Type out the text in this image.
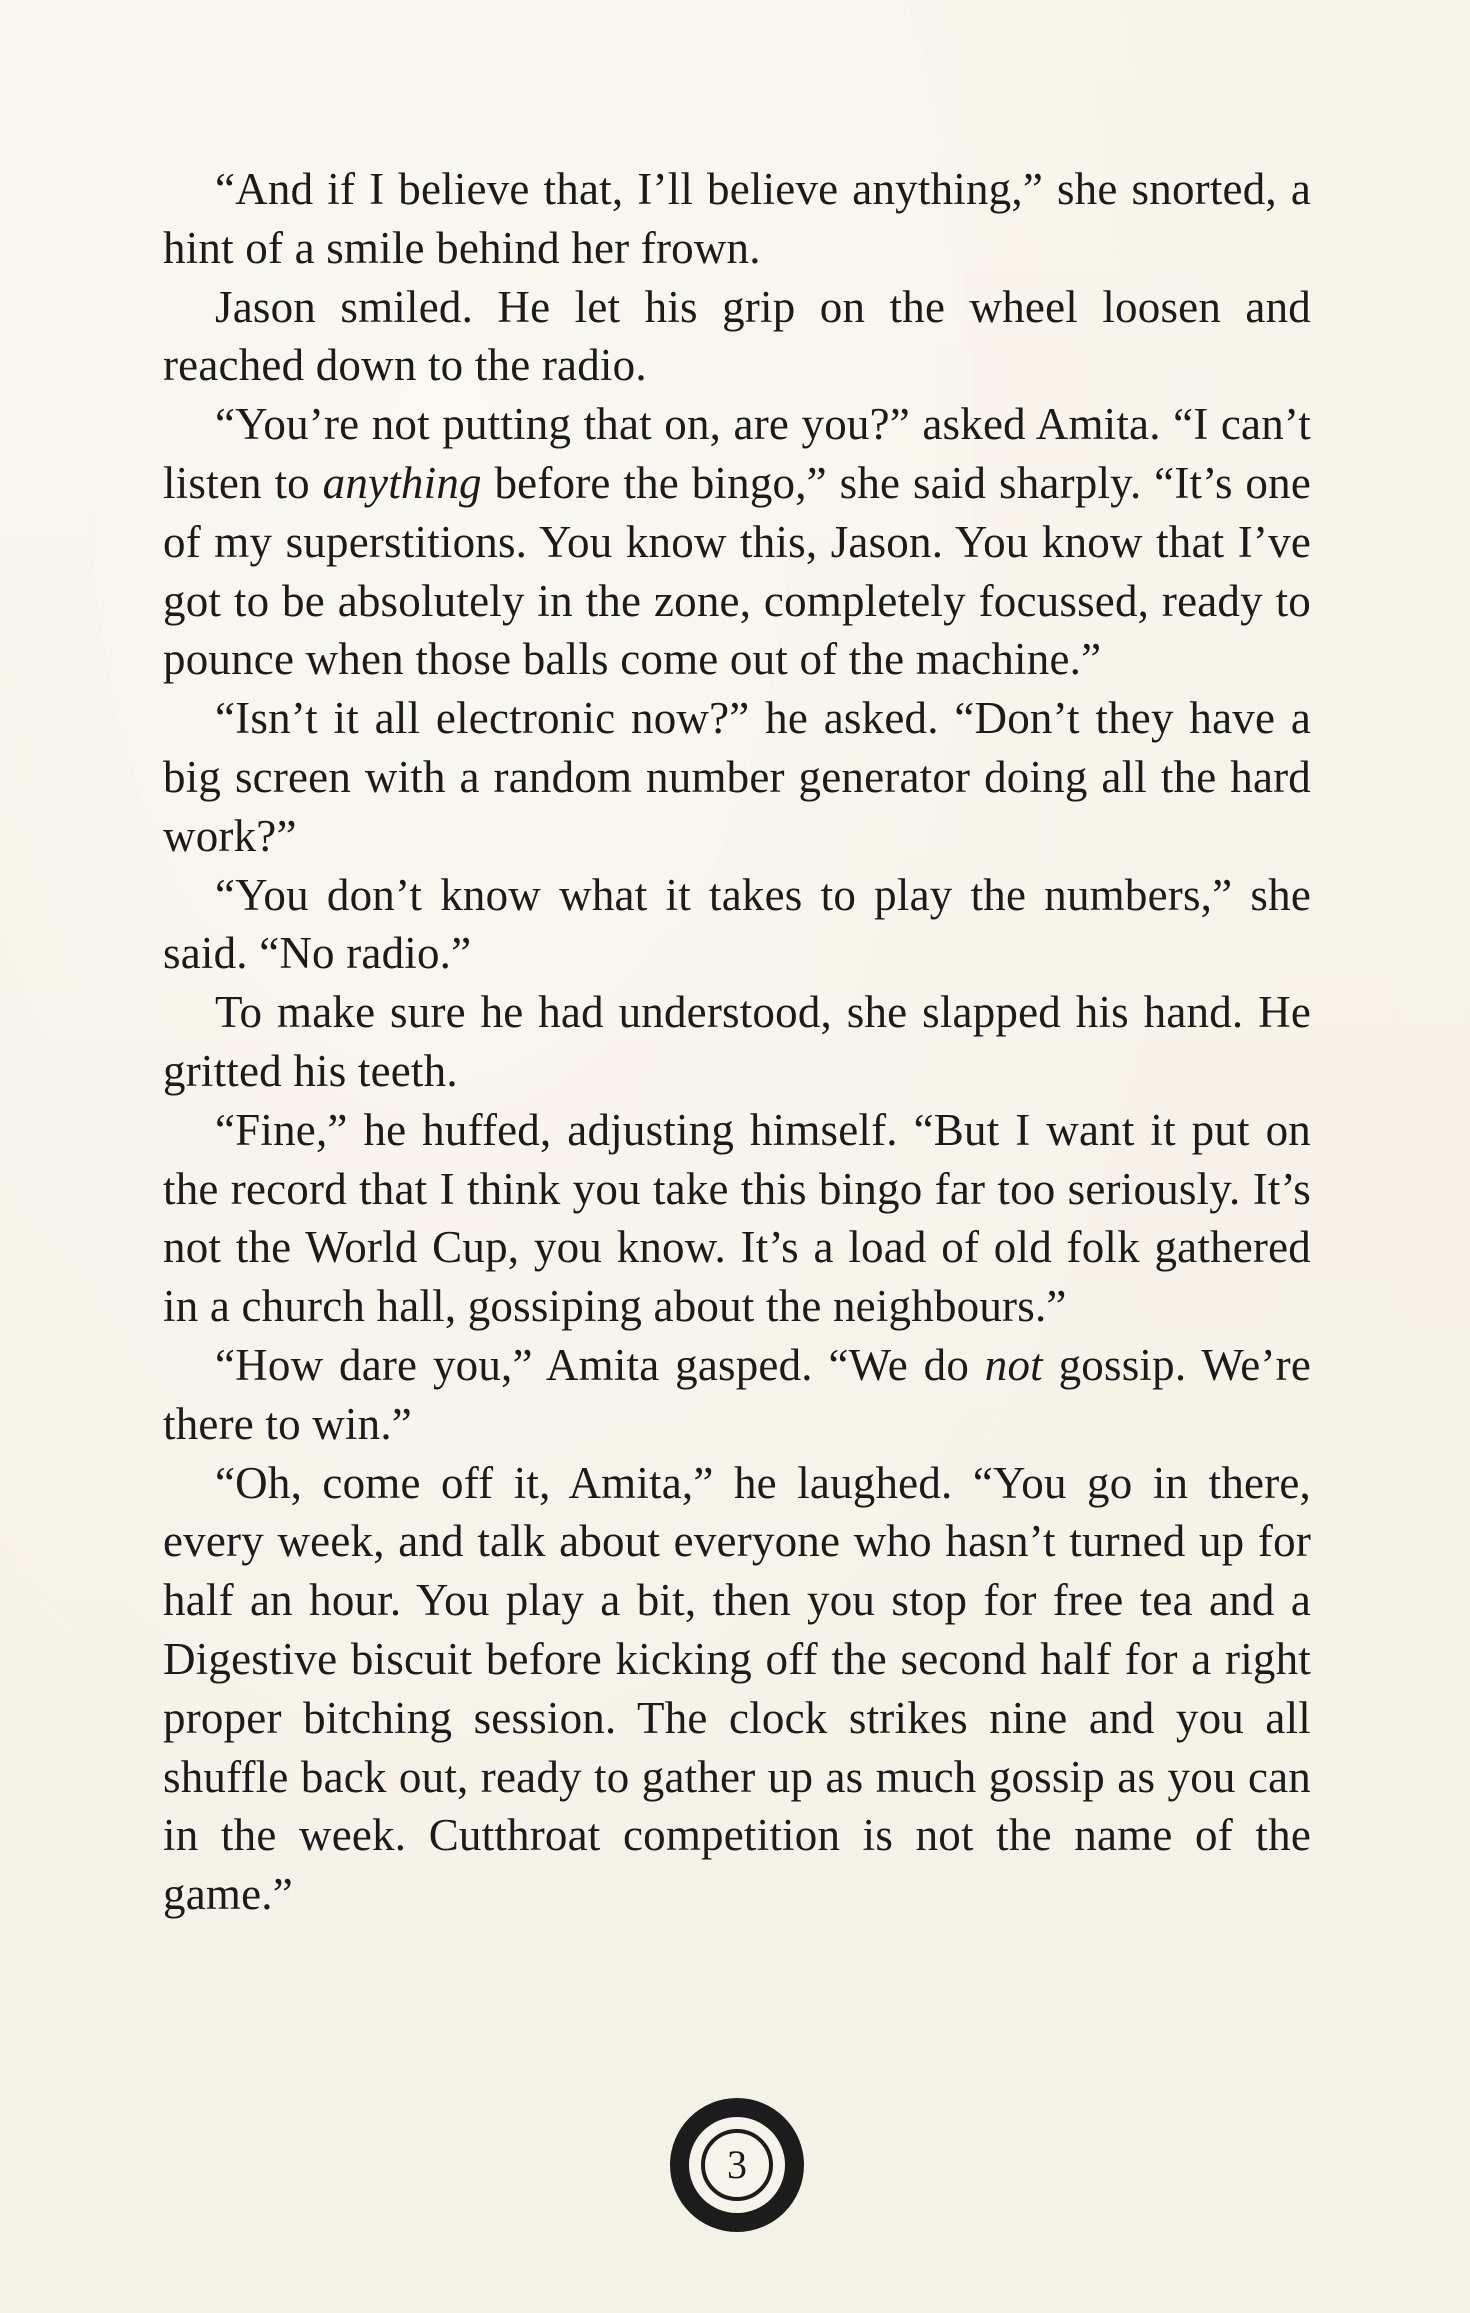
“And if I believe that, I’ll believe anything,” she snorted, a hint of a smile behind her frown.

Jason smiled. He let his grip on the wheel loosen and reached down to the radio.

“You’re not putting that on, are you?” asked Amita. “I can’t listen to anything before the bingo,” she said sharply. “It’s one of my superstitions. You know this, Jason. You know that I’ve got to be absolutely in the zone, completely focussed, ready to pounce when those balls come out of the machine.”

“Isn’t it all electronic now?” he asked. “Don’t they have a big screen with a random number generator doing all the hard work?”

“You don’t know what it takes to play the numbers,” she said. “No radio.”

To make sure he had understood, she slapped his hand. He gritted his teeth.

“Fine,” he huffed, adjusting himself. “But I want it put on the record that I think you take this bingo far too seriously. It’s not the World Cup, you know. It’s a load of old folk gathered in a church hall, gossiping about the neighbours.”

“How dare you,” Amita gasped. “We do not gossip. We’re there to win.”

“Oh, come off it, Amita,” he laughed. “You go in there, every week, and talk about everyone who hasn’t turned up for half an hour. You play a bit, then you stop for free tea and a Digestive biscuit before kicking off the second half for a right proper bitching session. The clock strikes nine and you all shuffle back out, ready to gather up as much gossip as you can in the week. Cutthroat competition is not the name of the game.”

3
